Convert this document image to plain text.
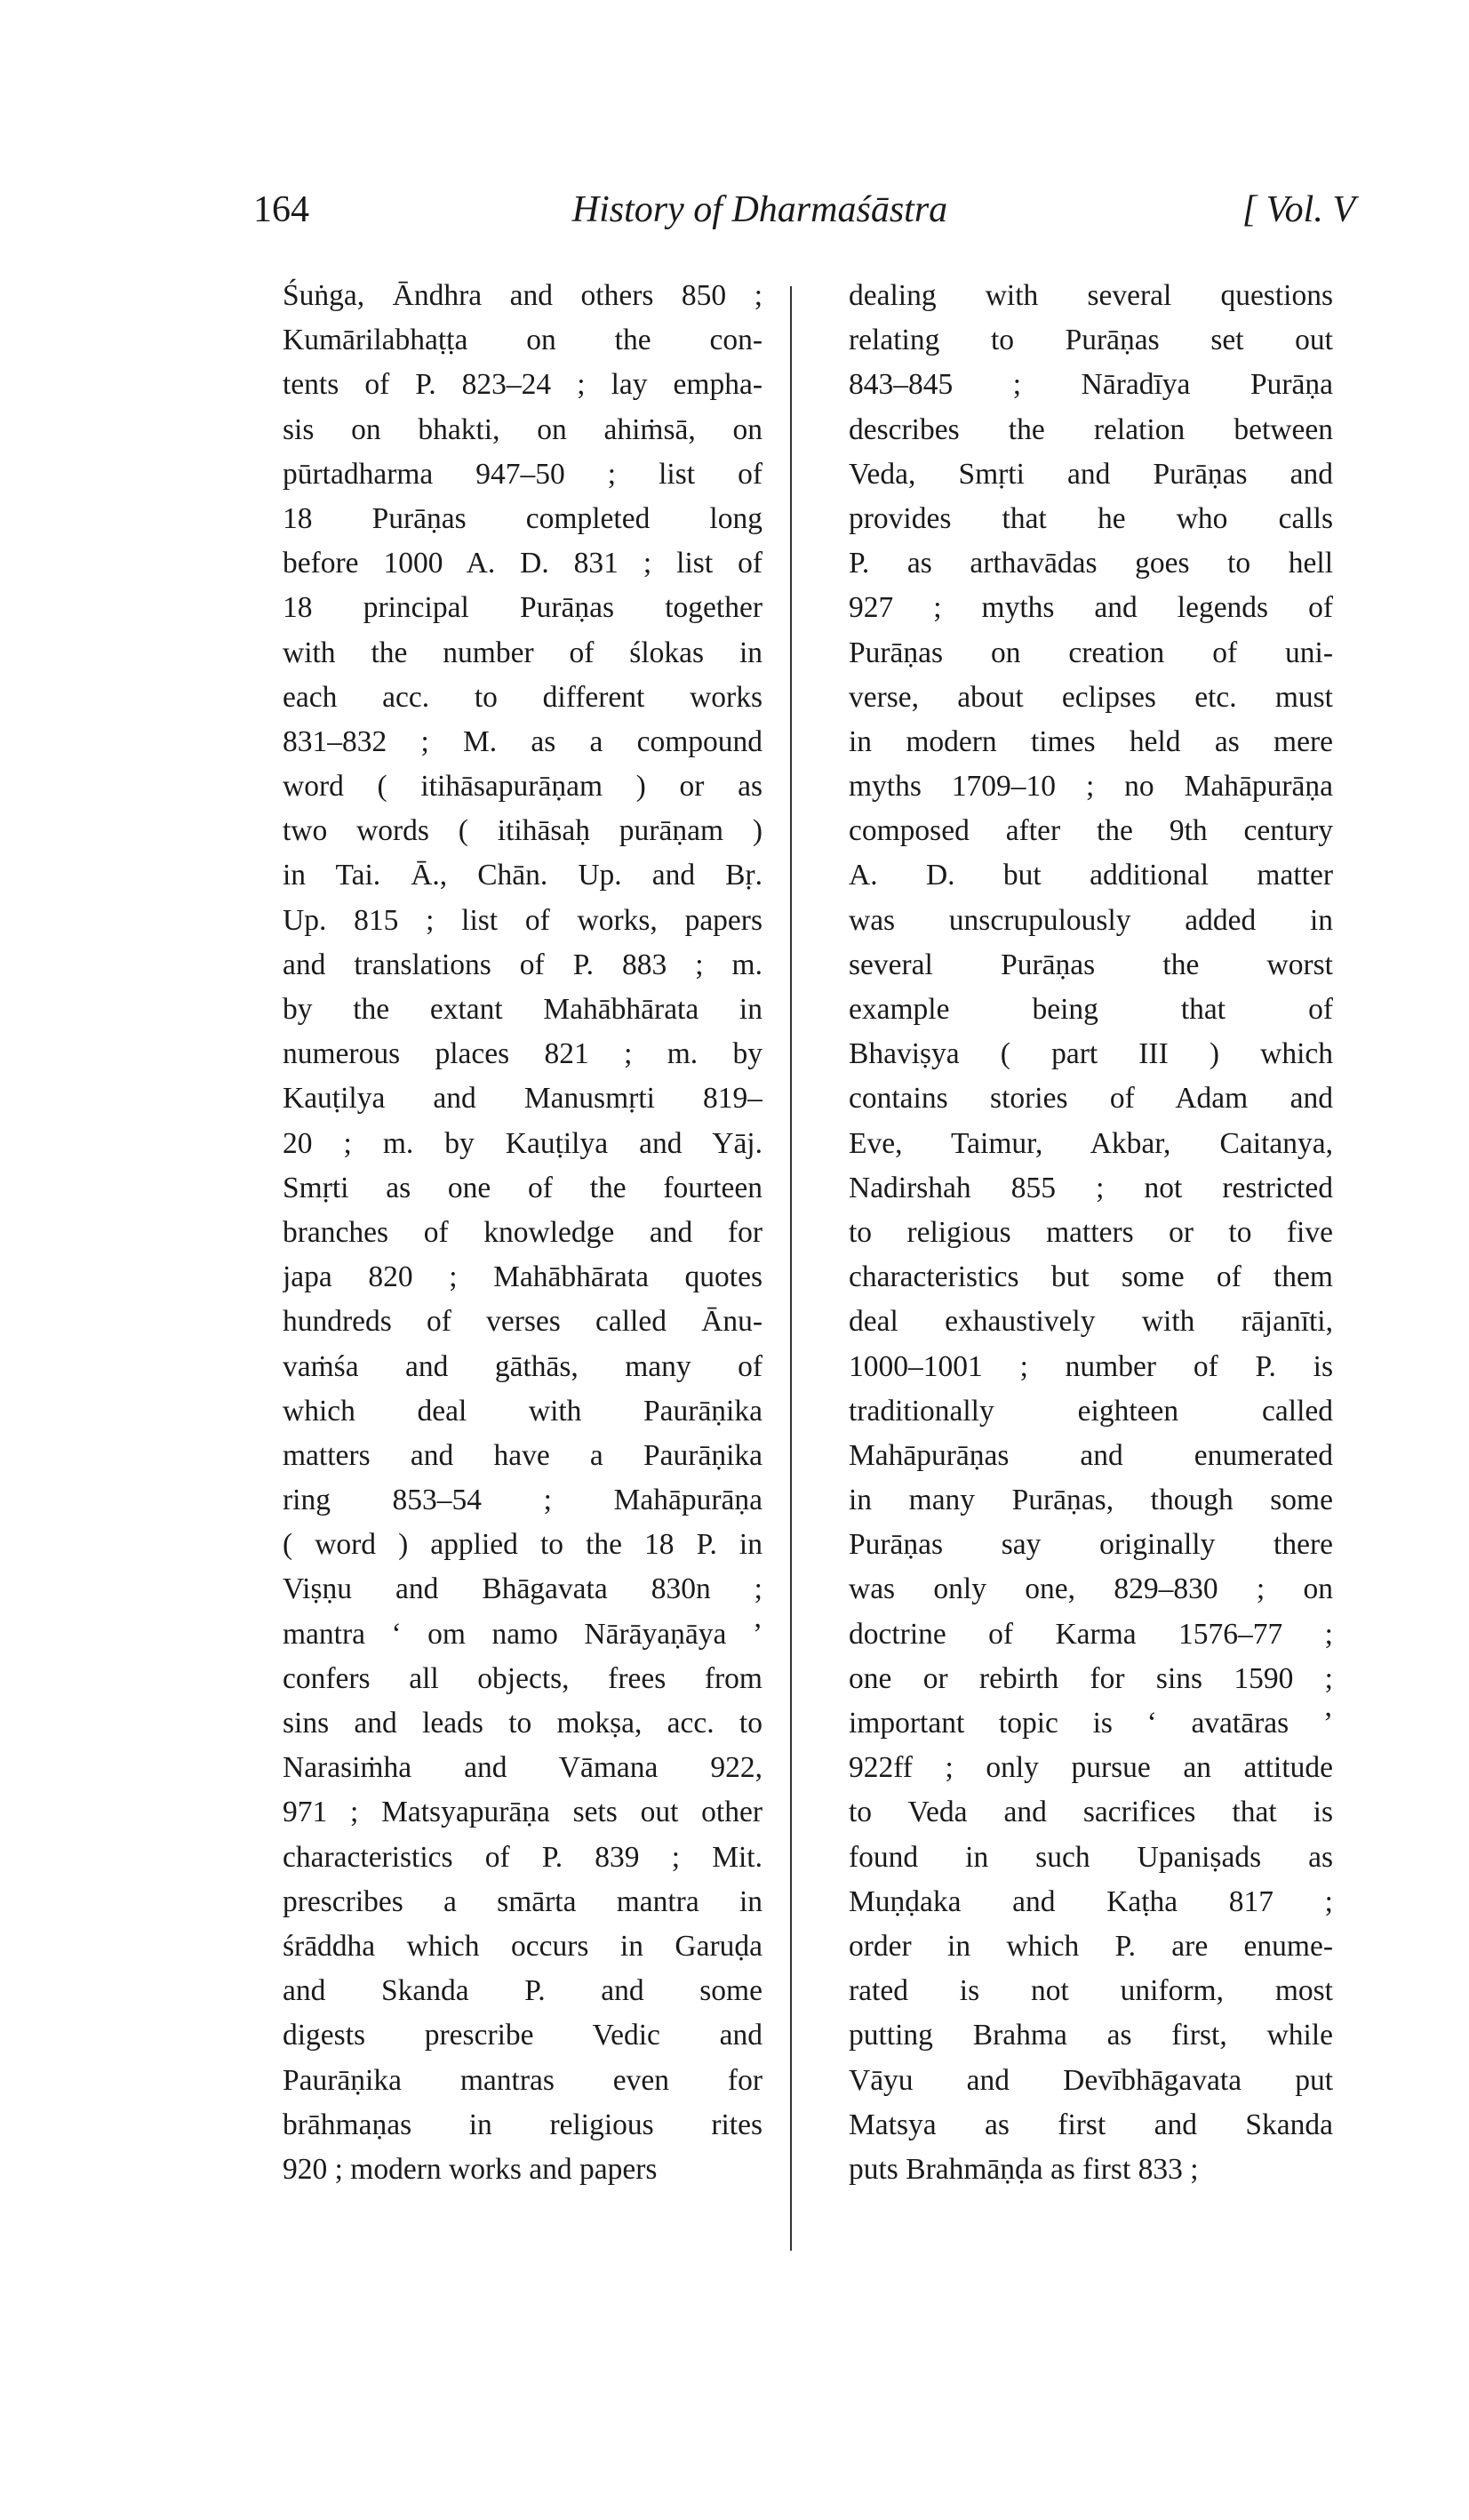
164	History of Dharmaśāstra	[ Vol. V
Śuṅga, Āndhra and others 850 ;
Kumārilabhaṭṭa on the con-
tents of P. 823–24 ; lay empha-
sis on bhakti, on ahiṁsā, on
pūrtadharma 947–50 ; list of
18 Purāṇas completed long
before 1000 A. D. 831 ; list of
18 principal Purāṇas together
with the number of ślokas in
each acc. to different works
831–832 ; M. as a compound
word ( itihāsapurāṇam ) or as
two words ( itihāsaḥ purāṇam )
in Tai. Ā., Chān. Up. and Bṛ.
Up. 815 ; list of works, papers
and translations of P. 883 ; m.
by the extant Mahābhārata in
numerous places 821 ; m. by
Kauṭilya and Manusmṛti 819–
20 ; m. by Kauṭilya and Yāj.
Smṛti as one of the fourteen
branches of knowledge and for
japa 820 ; Mahābhārata quotes
hundreds of verses called Ānu-
vaṁśa and gāthās, many of
which deal with Paurāṇika
matters and have a Paurāṇika
ring 853–54 ; Mahāpurāṇa
( word ) applied to the 18 P. in
Viṣṇu and Bhāgavata 830n ;
mantra ‘ om namo Nārāyaṇāya ’
confers all objects, frees from
sins and leads to mokṣa, acc. to
Narasiṁha and Vāmana 922,
971 ; Matsyapurāṇa sets out other
characteristics of P. 839 ; Mit.
prescribes a smārta mantra in
śrāddha which occurs in Garuḍa
and Skanda P. and some
digests prescribe Vedic and
Paurāṇika mantras even for
brāhmaṇas in religious rites
920 ; modern works and papers
dealing with several questions
relating to Purāṇas set out
843–845 ; Nāradīya Purāṇa
describes the relation between
Veda, Smṛti and Purāṇas and
provides that he who calls
P. as arthavādas goes to hell
927 ; myths and legends of
Purāṇas on creation of uni-
verse, about eclipses etc. must
in modern times held as mere
myths 1709–10 ; no Mahāpurāṇa
composed after the 9th century
A. D. but additional matter
was unscrupulously added in
several Purāṇas the worst
example being that of
Bhaviṣya ( part III ) which
contains stories of Adam and
Eve, Taimur, Akbar, Caitanya,
Nadirshah 855 ; not restricted
to religious matters or to five
characteristics but some of them
deal exhaustively with rājanīti,
1000–1001 ; number of P. is
traditionally eighteen called
Mahāpurāṇas and enumerated
in many Purāṇas, though some
Purāṇas say originally there
was only one, 829–830 ; on
doctrine of Karma 1576–77 ;
one or rebirth for sins 1590 ;
important topic is ‘ avatāras ’
922ff ; only pursue an attitude
to Veda and sacrifices that is
found in such Upaniṣads as
Muṇḍaka and Kaṭha 817 ;
order in which P. are enume-
rated is not uniform, most
putting Brahma as first, while
Vāyu and Devībhāgavata put
Matsya as first and Skanda
puts Brahmāṇḍa as first 833 ;
